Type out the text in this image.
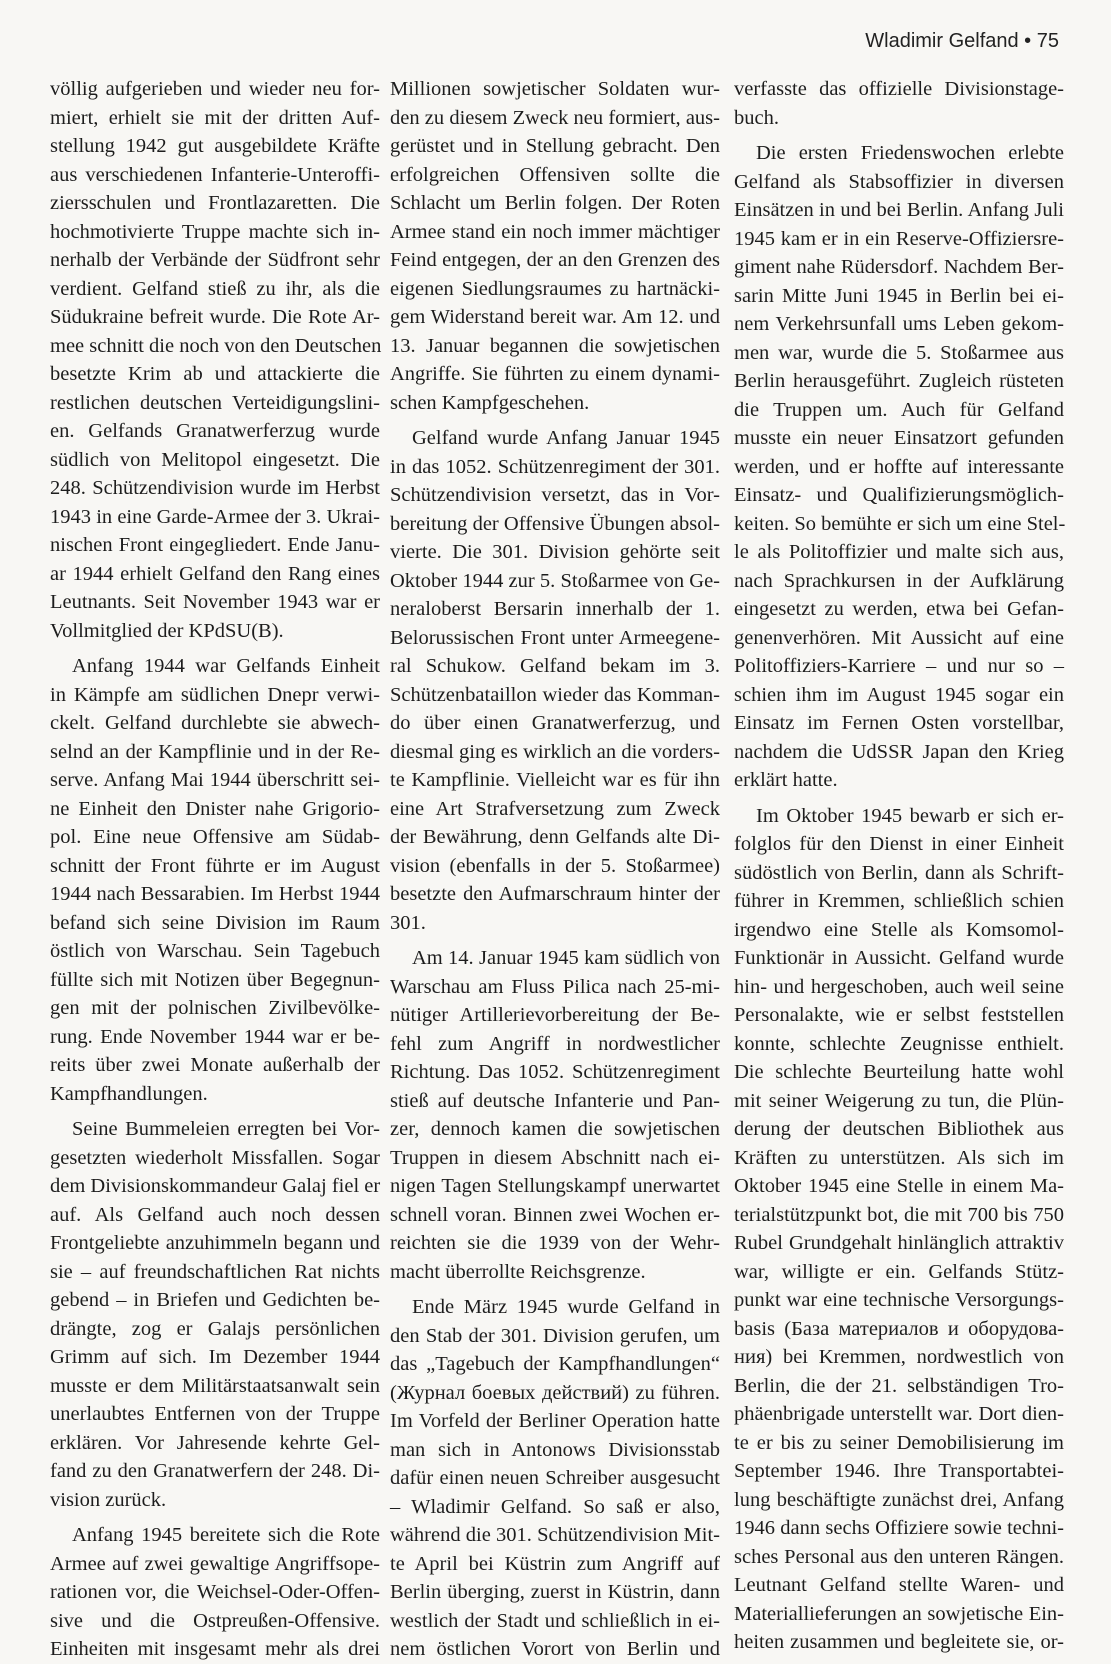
Wladimir Gelfand • 75
völlig aufgerieben und wieder neu for-
miert, erhielt sie mit der dritten Auf-
stellung 1942 gut ausgebildete Kräfte
aus verschiedenen Infanterie-Unteroffi-
ziersschulen und Frontlazaretten. Die
hochmotivierte Truppe machte sich in-
nerhalb der Verbände der Südfront sehr
verdient. Gelfand stieß zu ihr, als die
Südukraine befreit wurde. Die Rote Ar-
mee schnitt die noch von den Deutschen
besetzte Krim ab und attackierte die
restlichen deutschen Verteidigungslini-
en. Gelfands Granatwerferzug wurde
südlich von Melitopol eingesetzt. Die
248. Schützendivision wurde im Herbst
1943 in eine Garde-Armee der 3. Ukrai-
nischen Front eingegliedert. Ende Janu-
ar 1944 erhielt Gelfand den Rang eines
Leutnants. Seit November 1943 war er
Vollmitglied der KPdSU(B).
Anfang 1944 war Gelfands Einheit
in Kämpfe am südlichen Dnepr verwi-
ckelt. Gelfand durchlebte sie abwech-
selnd an der Kampflinie und in der Re-
serve. Anfang Mai 1944 überschritt sei-
ne Einheit den Dnister nahe Grigorio-
pol. Eine neue Offensive am Südab-
schnitt der Front führte er im August
1944 nach Bessarabien. Im Herbst 1944
befand sich seine Division im Raum
östlich von Warschau. Sein Tagebuch
füllte sich mit Notizen über Begegnun-
gen mit der polnischen Zivilbevölke-
rung. Ende November 1944 war er be-
reits über zwei Monate außerhalb der
Kampfhandlungen.
Seine Bummeleien erregten bei Vor-
gesetzten wiederholt Missfallen. Sogar
dem Divisionskommandeur Galaj fiel er
auf. Als Gelfand auch noch dessen
Frontgeliebte anzuhimmeln begann und
sie – auf freundschaftlichen Rat nichts
gebend – in Briefen und Gedichten be-
drängte, zog er Galajs persönlichen
Grimm auf sich. Im Dezember 1944
musste er dem Militärstaatsanwalt sein
unerlaubtes Entfernen von der Truppe
erklären. Vor Jahresende kehrte Gel-
fand zu den Granatwerfern der 248. Di-
vision zurück.
Anfang 1945 bereitete sich die Rote
Armee auf zwei gewaltige Angriffsope-
rationen vor, die Weichsel-Oder-Offen-
sive und die Ostpreußen-Offensive.
Einheiten mit insgesamt mehr als drei
Millionen sowjetischer Soldaten wur-
den zu diesem Zweck neu formiert, aus-
gerüstet und in Stellung gebracht. Den
erfolgreichen Offensiven sollte die
Schlacht um Berlin folgen. Der Roten
Armee stand ein noch immer mächtiger
Feind entgegen, der an den Grenzen des
eigenen Siedlungsraumes zu hartnäcki-
gem Widerstand bereit war. Am 12. und
13. Januar begannen die sowjetischen
Angriffe. Sie führten zu einem dynami-
schen Kampfgeschehen.
Gelfand wurde Anfang Januar 1945
in das 1052. Schützenregiment der 301.
Schützendivision versetzt, das in Vor-
bereitung der Offensive Übungen absol-
vierte. Die 301. Division gehörte seit
Oktober 1944 zur 5. Stoßarmee von Ge-
neraloberst Bersarin innerhalb der 1.
Belorussischen Front unter Armeegene-
ral Schukow. Gelfand bekam im 3.
Schützenbataillon wieder das Komman-
do über einen Granatwerferzug, und
diesmal ging es wirklich an die vorders-
te Kampflinie. Vielleicht war es für ihn
eine Art Strafversetzung zum Zweck
der Bewährung, denn Gelfands alte Di-
vision (ebenfalls in der 5. Stoßarmee)
besetzte den Aufmarschraum hinter der
301.
Am 14. Januar 1945 kam südlich von
Warschau am Fluss Pilica nach 25-mi-
nütiger Artillerievorbereitung der Be-
fehl zum Angriff in nordwestlicher
Richtung. Das 1052. Schützenregiment
stieß auf deutsche Infanterie und Pan-
zer, dennoch kamen die sowjetischen
Truppen in diesem Abschnitt nach ei-
nigen Tagen Stellungskampf unerwartet
schnell voran. Binnen zwei Wochen er-
reichten sie die 1939 von der Wehr-
macht überrollte Reichsgrenze.
Ende März 1945 wurde Gelfand in
den Stab der 301. Division gerufen, um
das „Tagebuch der Kampfhandlungen“
(Журнал боевых действий) zu führen.
Im Vorfeld der Berliner Operation hatte
man sich in Antonows Divisionsstab
dafür einen neuen Schreiber ausgesucht
– Wladimir Gelfand. So saß er also,
während die 301. Schützendivision Mit-
te April bei Küstrin zum Angriff auf
Berlin überging, zuerst in Küstrin, dann
westlich der Stadt und schließlich in ei-
nem östlichen Vorort von Berlin und
verfasste das offizielle Divisionstage-
buch.
Die ersten Friedenswochen erlebte
Gelfand als Stabsoffizier in diversen
Einsätzen in und bei Berlin. Anfang Juli
1945 kam er in ein Reserve-Offiziersre-
giment nahe Rüdersdorf. Nachdem Ber-
sarin Mitte Juni 1945 in Berlin bei ei-
nem Verkehrsunfall ums Leben gekom-
men war, wurde die 5. Stoßarmee aus
Berlin herausgeführt. Zugleich rüsteten
die Truppen um. Auch für Gelfand
musste ein neuer Einsatzort gefunden
werden, und er hoffte auf interessante
Einsatz- und Qualifizierungsmöglich-
keiten. So bemühte er sich um eine Stel-
le als Politoffizier und malte sich aus,
nach Sprachkursen in der Aufklärung
eingesetzt zu werden, etwa bei Gefan-
genenverhören. Mit Aussicht auf eine
Politoffiziers-Karriere – und nur so –
schien ihm im August 1945 sogar ein
Einsatz im Fernen Osten vorstellbar,
nachdem die UdSSR Japan den Krieg
erklärt hatte.
Im Oktober 1945 bewarb er sich er-
folglos für den Dienst in einer Einheit
südöstlich von Berlin, dann als Schrift-
führer in Kremmen, schließlich schien
irgendwo eine Stelle als Komsomol-
Funktionär in Aussicht. Gelfand wurde
hin- und hergeschoben, auch weil seine
Personalakte, wie er selbst feststellen
konnte, schlechte Zeugnisse enthielt.
Die schlechte Beurteilung hatte wohl
mit seiner Weigerung zu tun, die Plün-
derung der deutschen Bibliothek aus
Kräften zu unterstützen. Als sich im
Oktober 1945 eine Stelle in einem Ma-
terialstützpunkt bot, die mit 700 bis 750
Rubel Grundgehalt hinlänglich attraktiv
war, willigte er ein. Gelfands Stütz-
punkt war eine technische Versorgungs-
basis (База материалов и оборудова-
ния) bei Kremmen, nordwestlich von
Berlin, die der 21. selbständigen Tro-
phäenbrigade unterstellt war. Dort dien-
te er bis zu seiner Demobilisierung im
September 1946. Ihre Transportabtei-
lung beschäftigte zunächst drei, Anfang
1946 dann sechs Offiziere sowie techni-
sches Personal aus den unteren Rängen.
Leutnant Gelfand stellte Waren- und
Materiallieferungen an sowjetische Ein-
heiten zusammen und begleitete sie, or-
